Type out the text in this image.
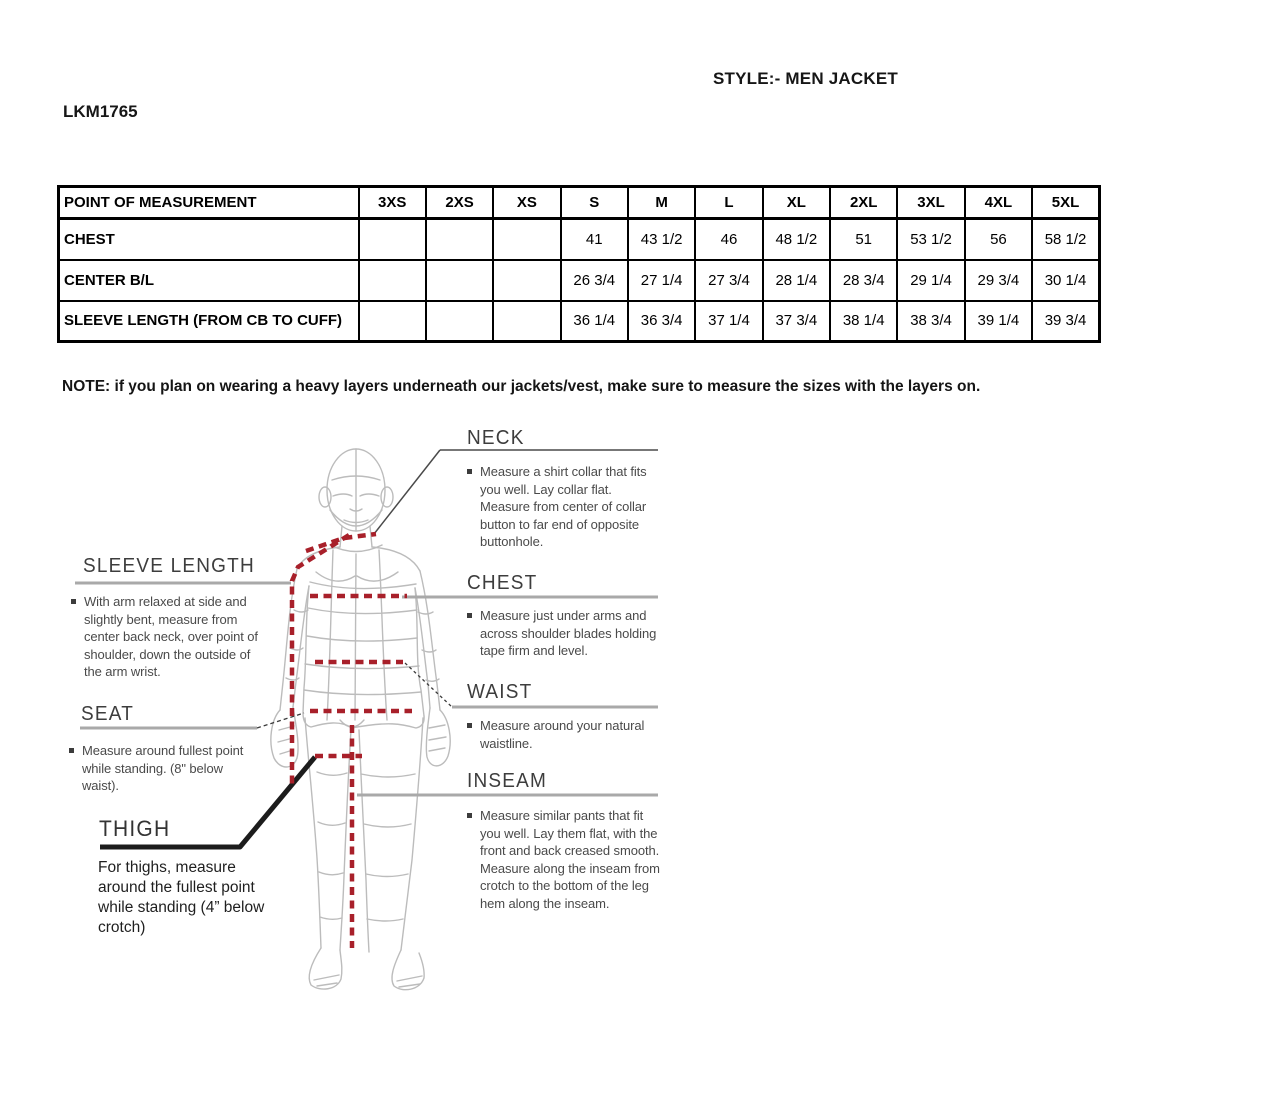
STYLE:- MEN JACKET
LKM1765
POINT OF MEASUREMENT	3XS	2XS	XS	S	M	L	XL	2XL	3XL	4XL	5XL
CHEST				41	43 1/2	46	48 1/2	51	53 1/2	56	58 1/2
CENTER B/L				26 3/4	27 1/4	27 3/4	28 1/4	28 3/4	29 1/4	29 3/4	30 1/4
SLEEVE LENGTH (FROM CB TO CUFF)				36 1/4	36 3/4	37 1/4	37 3/4	38 1/4	38 3/4	39 1/4	39 3/4
NOTE: if you plan on wearing a heavy layers underneath our jackets/vest, make sure to measure the sizes with the layers on.
NECK

Measure a shirt collar that fits you well. Lay collar flat. Measure from center of collar button to far end of opposite buttonhole.

CHEST

Measure just under arms and across shoulder blades holding tape firm and level.

WAIST

Measure around your natural waistline.

INSEAM

Measure similar pants that fit you well. Lay them flat, with the front and back creased smooth. Measure along the inseam from crotch to the bottom of the leg hem along the inseam.

SLEEVE LENGTH

With arm relaxed at side and slightly bent, measure from center back neck, over point of shoulder, down the outside of the arm wrist.

SEAT

Measure around fullest point while standing. (8" below waist).

THIGH

For thighs, measure around the fullest point while standing (4” below crotch)
